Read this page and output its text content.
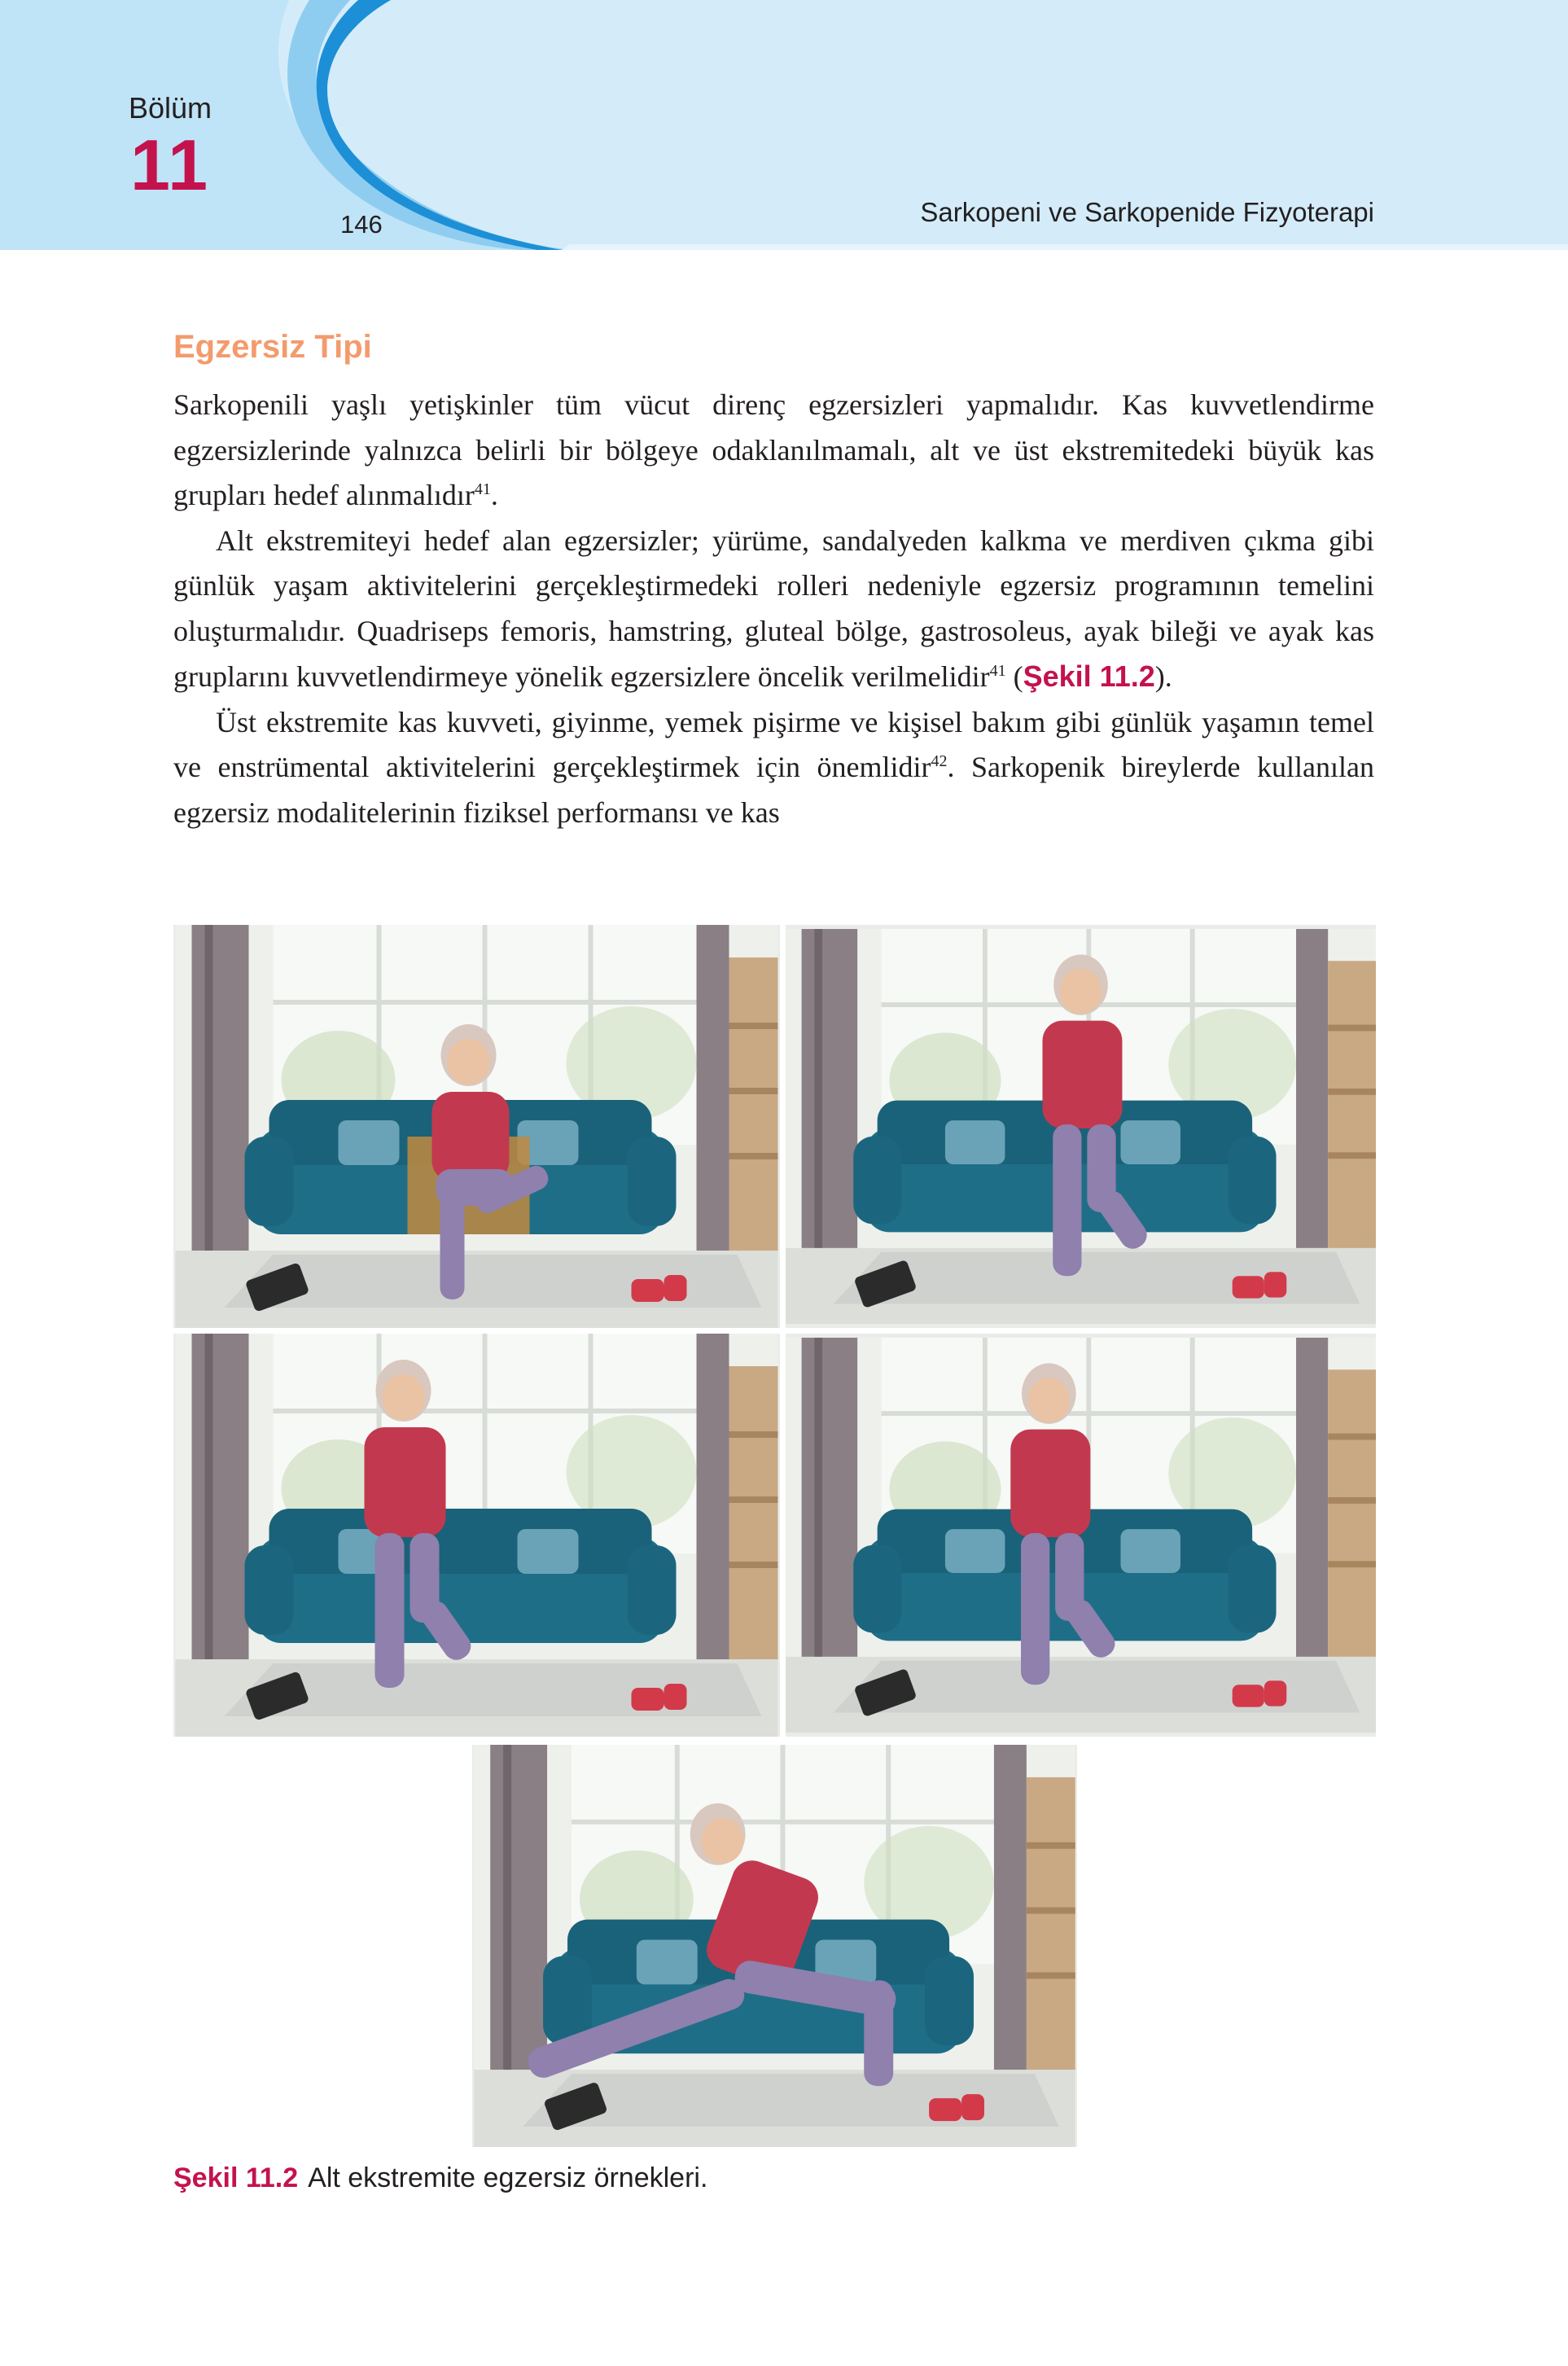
Bölüm
11
146	Sarkopeni ve Sarkopenide Fizyoterapi
Egzersiz Tipi

Sarkopenili yaşlı yetişkinler tüm vücut direnç egzersizleri yapmalıdır. Kas kuvvetlendirme egzersizlerinde yalnızca belirli bir bölgeye odaklanılmamalı, alt ve üst ekstremitedeki büyük kas grupları hedef alınmalıdır$^{41}$.

Alt ekstremiteyi hedef alan egzersizler; yürüme, sandalyeden kalkma ve merdiven çıkma gibi günlük yaşam aktivitelerini gerçekleştirmedeki rolleri nedeniyle egzersiz programının temelini oluşturmalıdır. Quadriseps femoris, hamstring, gluteal bölge, gastrosoleus, ayak bileği ve ayak kas gruplarını kuvvetlendirmeye yönelik egzersizlere öncelik verilmelidir$^{41}$ (Şekil 11.2).

Üst ekstremite kas kuvveti, giyinme, yemek pişirme ve kişisel bakım gibi günlük yaşamın temel ve enstrümental aktivitelerini gerçekleştirmek için önemlidir$^{42}$. Sarkopenik bireylerde kullanılan egzersiz modalitelerinin fiziksel performansı ve kas

Şekil 11.2 Alt ekstremite egzersiz örnekleri.
